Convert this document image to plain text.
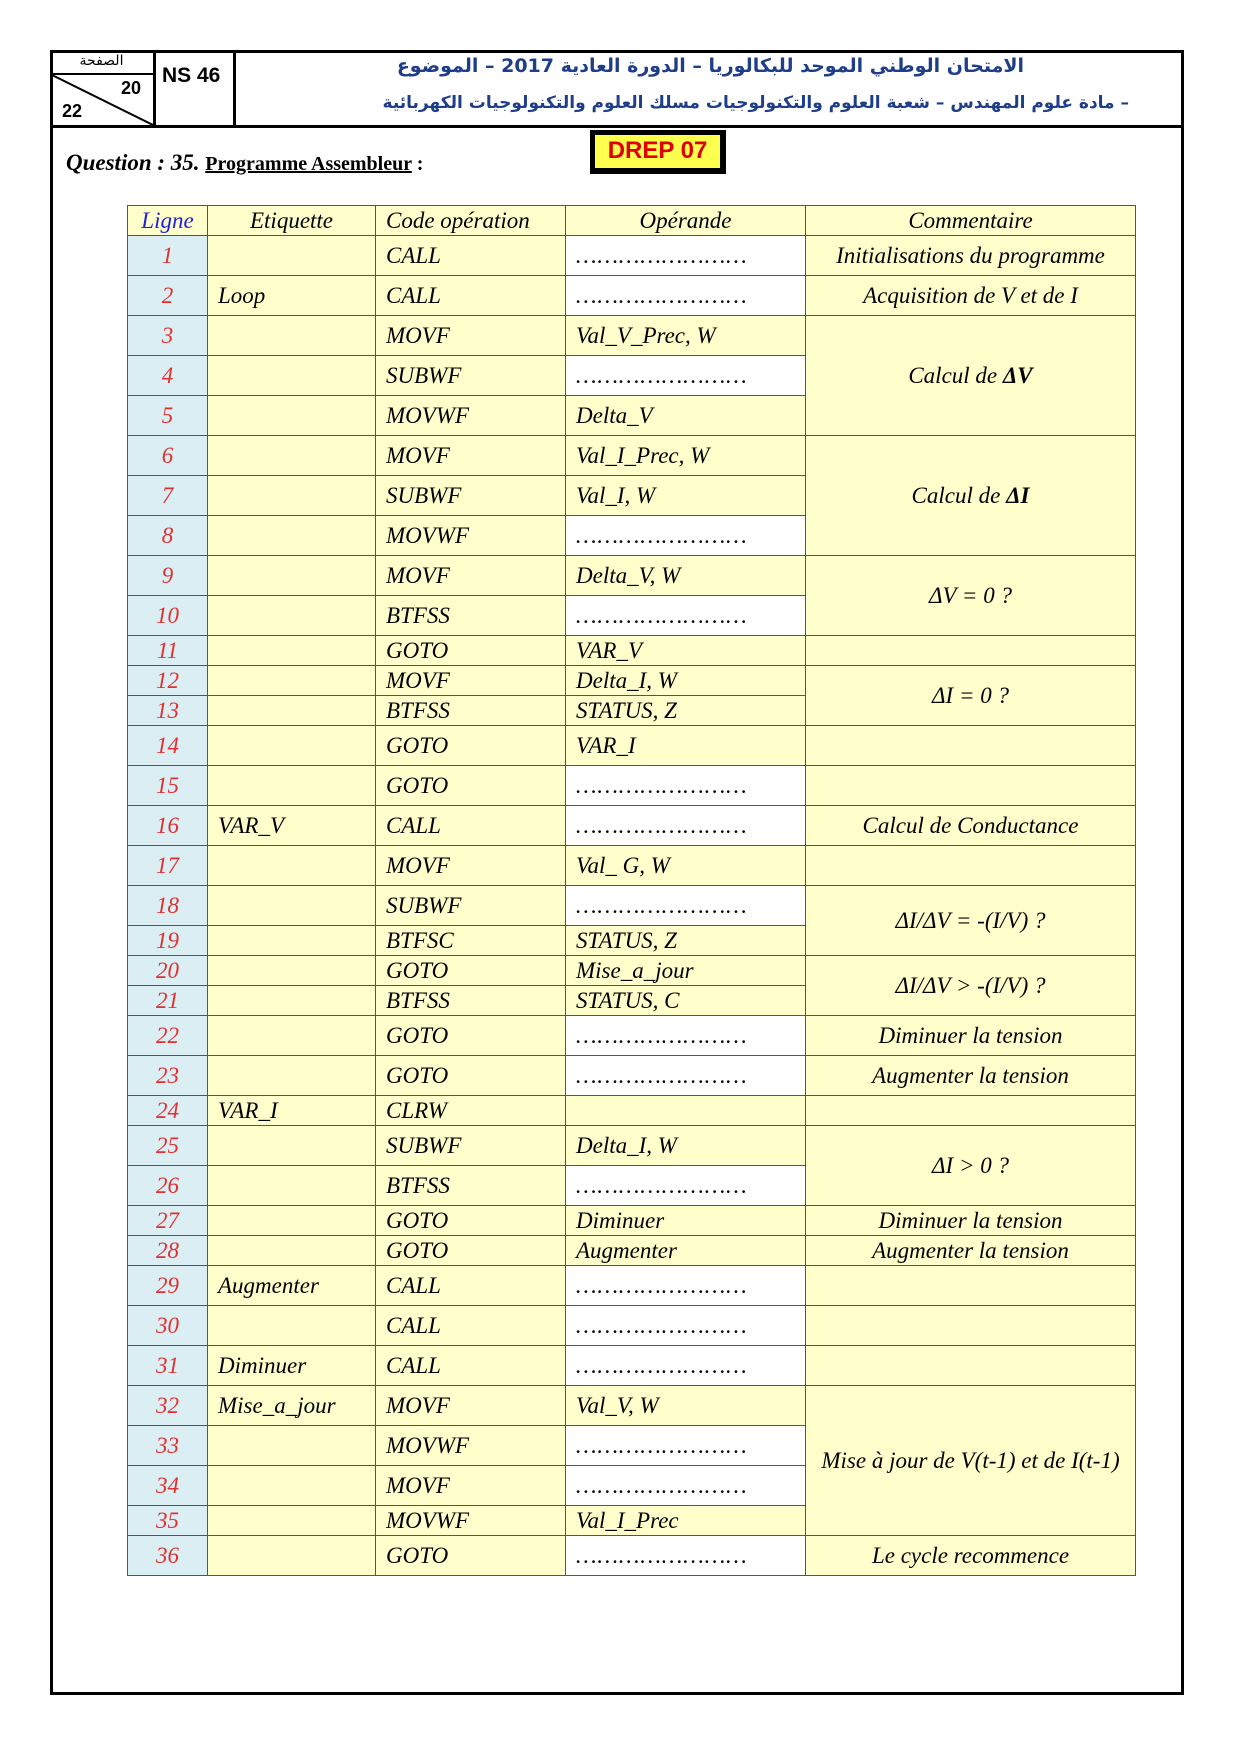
الصفحة
20
22
NS 46	الامتحان الوطني الموحد للبكالوريا – الدورة العادية 2017 – الموضوع
– مادة علوم المهندس – شعبة العلوم والتكنولوجيات مسلك العلوم والتكنولوجيات الكهربائية
Question : 35. Programme Assembleur :	DREP 07
Ligne	Etiquette	Code opération	Opérande	Commentaire
1		CALL	……………………	Initialisations du programme
2	Loop	CALL	……………………	Acquisition de V et de I
3		MOVF	Val_V_Prec, W	Calcul de ΔV
4		SUBWF	……………………	
5		MOVWF	Delta_V	
6		MOVF	Val_I_Prec, W	Calcul de ΔI
7		SUBWF	Val_I, W	
8		MOVWF	……………………	
9		MOVF	Delta_V, W	ΔV = 0 ?
10		BTFSS	……………………	
11		GOTO	VAR_V	
12		MOVF	Delta_I, W	ΔI = 0 ?
13		BTFSS	STATUS, Z	
14		GOTO	VAR_I	
15		GOTO	……………………	
16	VAR_V	CALL	……………………	Calcul de Conductance
17		MOVF	Val_ G, W	
18		SUBWF	……………………	ΔI/ΔV = -(I/V) ?
19		BTFSC	STATUS, Z	
20		GOTO	Mise_a_jour	ΔI/ΔV > -(I/V) ?
21		BTFSS	STATUS, C	
22		GOTO	……………………	Diminuer la tension
23		GOTO	……………………	Augmenter la tension
24	VAR_I	CLRW		
25		SUBWF	Delta_I, W	ΔI > 0 ?
26		BTFSS	……………………	
27		GOTO	Diminuer	Diminuer la tension
28		GOTO	Augmenter	Augmenter la tension
29	Augmenter	CALL	……………………	
30		CALL	……………………	
31	Diminuer	CALL	……………………	
32	Mise_a_jour	MOVF	Val_V, W	Mise à jour de V(t-1) et de I(t-1)
33		MOVWF	……………………	
34		MOVF	……………………	
35		MOVWF	Val_I_Prec	
36		GOTO	……………………	Le cycle recommence
